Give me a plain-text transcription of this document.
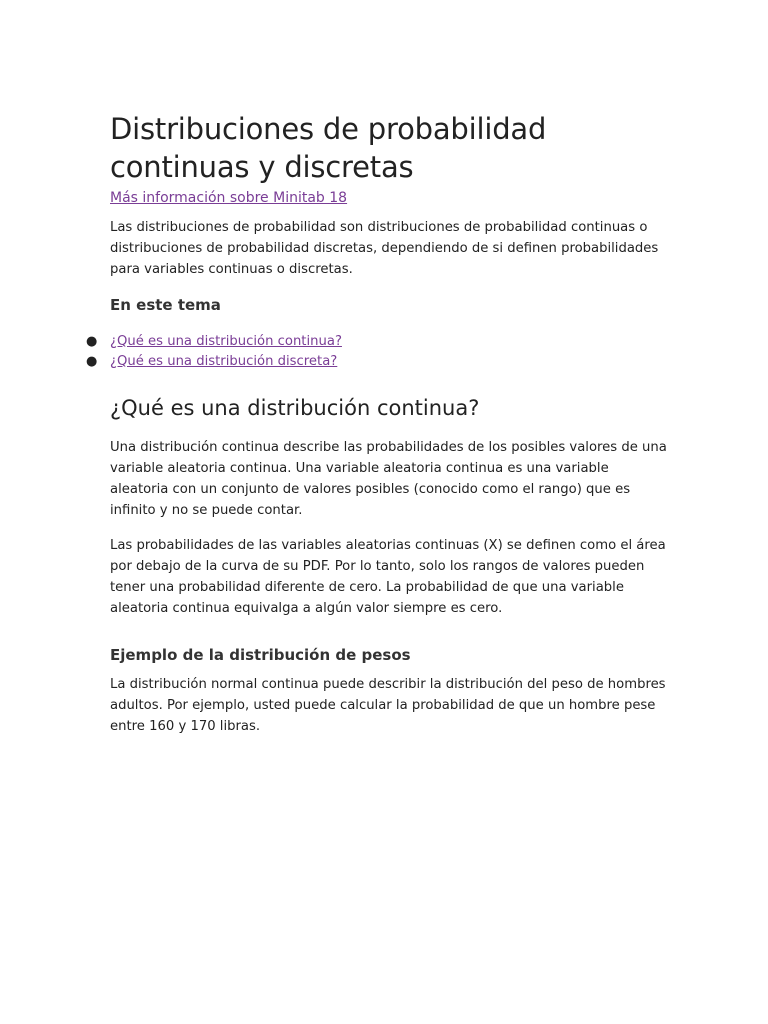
Distribuciones de probabilidad
continuas y discretas
Más información sobre Minitab 18

Las distribuciones de probabilidad son distribuciones de probabilidad continuas o distribuciones de probabilidad discretas, dependiendo de si definen probabilidades para variables continuas o discretas.

En este tema
● ¿Qué es una distribución continua?
● ¿Qué es una distribución discreta?
¿Qué es una distribución continua?

Una distribución continua describe las probabilidades de los posibles valores de una variable aleatoria continua. Una variable aleatoria continua es una variable aleatoria con un conjunto de valores posibles (conocido como el rango) que es infinito y no se puede contar.

Las probabilidades de las variables aleatorias continuas (X) se definen como el área por debajo de la curva de su PDF. Por lo tanto, solo los rangos de valores pueden tener una probabilidad diferente de cero. La probabilidad de que una variable aleatoria continua equivalga a algún valor siempre es cero.

Ejemplo de la distribución de pesos

La distribución normal continua puede describir la distribución del peso de hombres adultos. Por ejemplo, usted puede calcular la probabilidad de que un hombre pese entre 160 y 170 libras.
